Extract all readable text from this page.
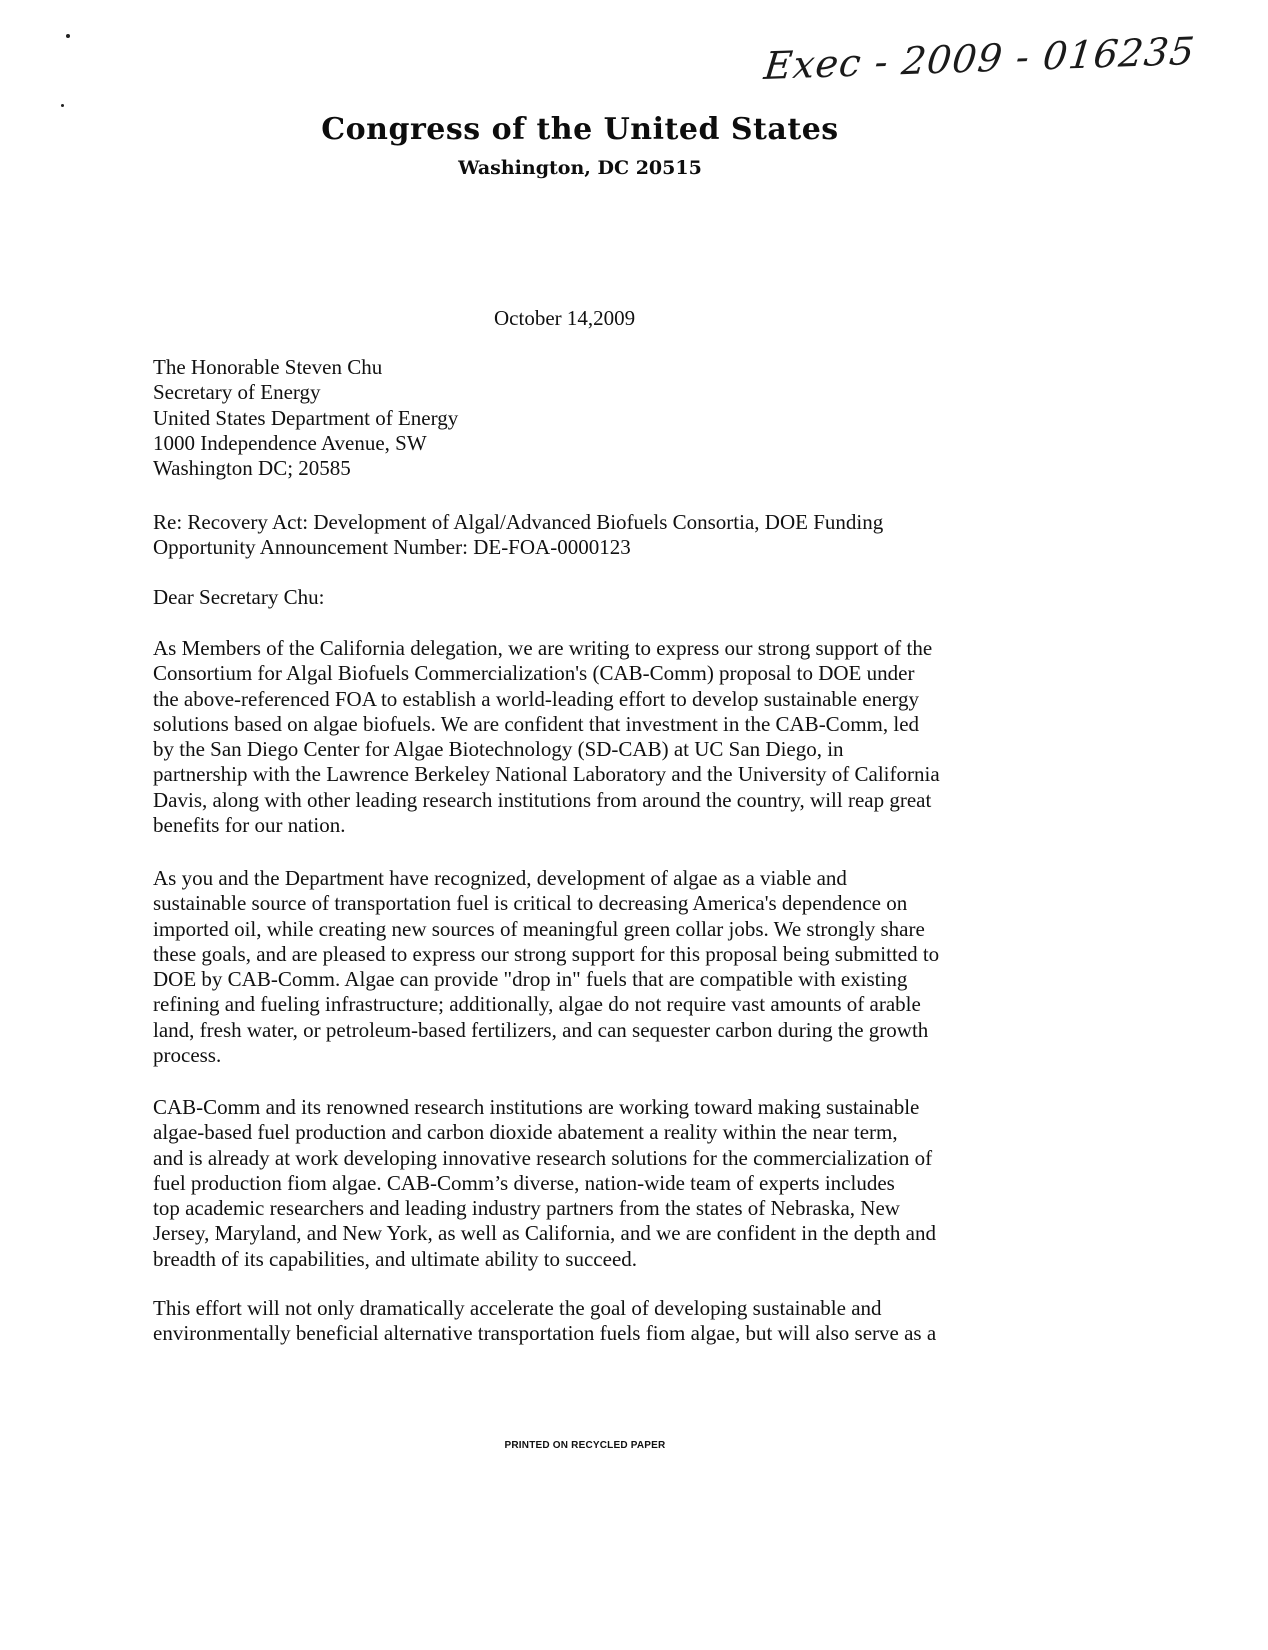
Exec - 2009 - 016235
Congress of the United States
Washington, DC 20515
October 14,2009
The Honorable Steven Chu
Secretary of Energy
United States Department of Energy
1000 Independence Avenue, SW
Washington DC; 20585
Re: Recovery Act: Development of Algal/Advanced Biofuels Consortia, DOE Funding
Opportunity Announcement Number: DE-FOA-0000123
Dear Secretary Chu:
As Members of the California delegation, we are writing to express our strong support of the
Consortium for Algal Biofuels Commercialization's (CAB-Comm) proposal to DOE under
the above-referenced FOA to establish a world-leading effort to develop sustainable energy
solutions based on algae biofuels. We are confident that investment in the CAB-Comm, led
by the San Diego Center for Algae Biotechnology (SD-CAB) at UC San Diego, in
partnership with the Lawrence Berkeley National Laboratory and the University of California
Davis, along with other leading research institutions from around the country, will reap great
benefits for our nation.
As you and the Department have recognized, development of algae as a viable and
sustainable source of transportation fuel is critical to decreasing America's dependence on
imported oil, while creating new sources of meaningful green collar jobs. We strongly share
these goals, and are pleased to express our strong support for this proposal being submitted to
DOE by CAB-Comm. Algae can provide "drop in" fuels that are compatible with existing
refining and fueling infrastructure; additionally, algae do not require vast amounts of arable
land, fresh water, or petroleum-based fertilizers, and can sequester carbon during the growth
process.
CAB-Comm and its renowned research institutions are working toward making sustainable
algae-based fuel production and carbon dioxide abatement a reality within the near term,
and is already at work developing innovative research solutions for the commercialization of
fuel production fiom algae. CAB-Comm’s diverse, nation-wide team of experts includes
top academic researchers and leading industry partners from the states of Nebraska, New
Jersey, Maryland, and New York, as well as California, and we are confident in the depth and
breadth of its capabilities, and ultimate ability to succeed.
This effort will not only dramatically accelerate the goal of developing sustainable and
environmentally beneficial alternative transportation fuels fiom algae, but will also serve as a
PRINTED ON RECYCLED PAPER
